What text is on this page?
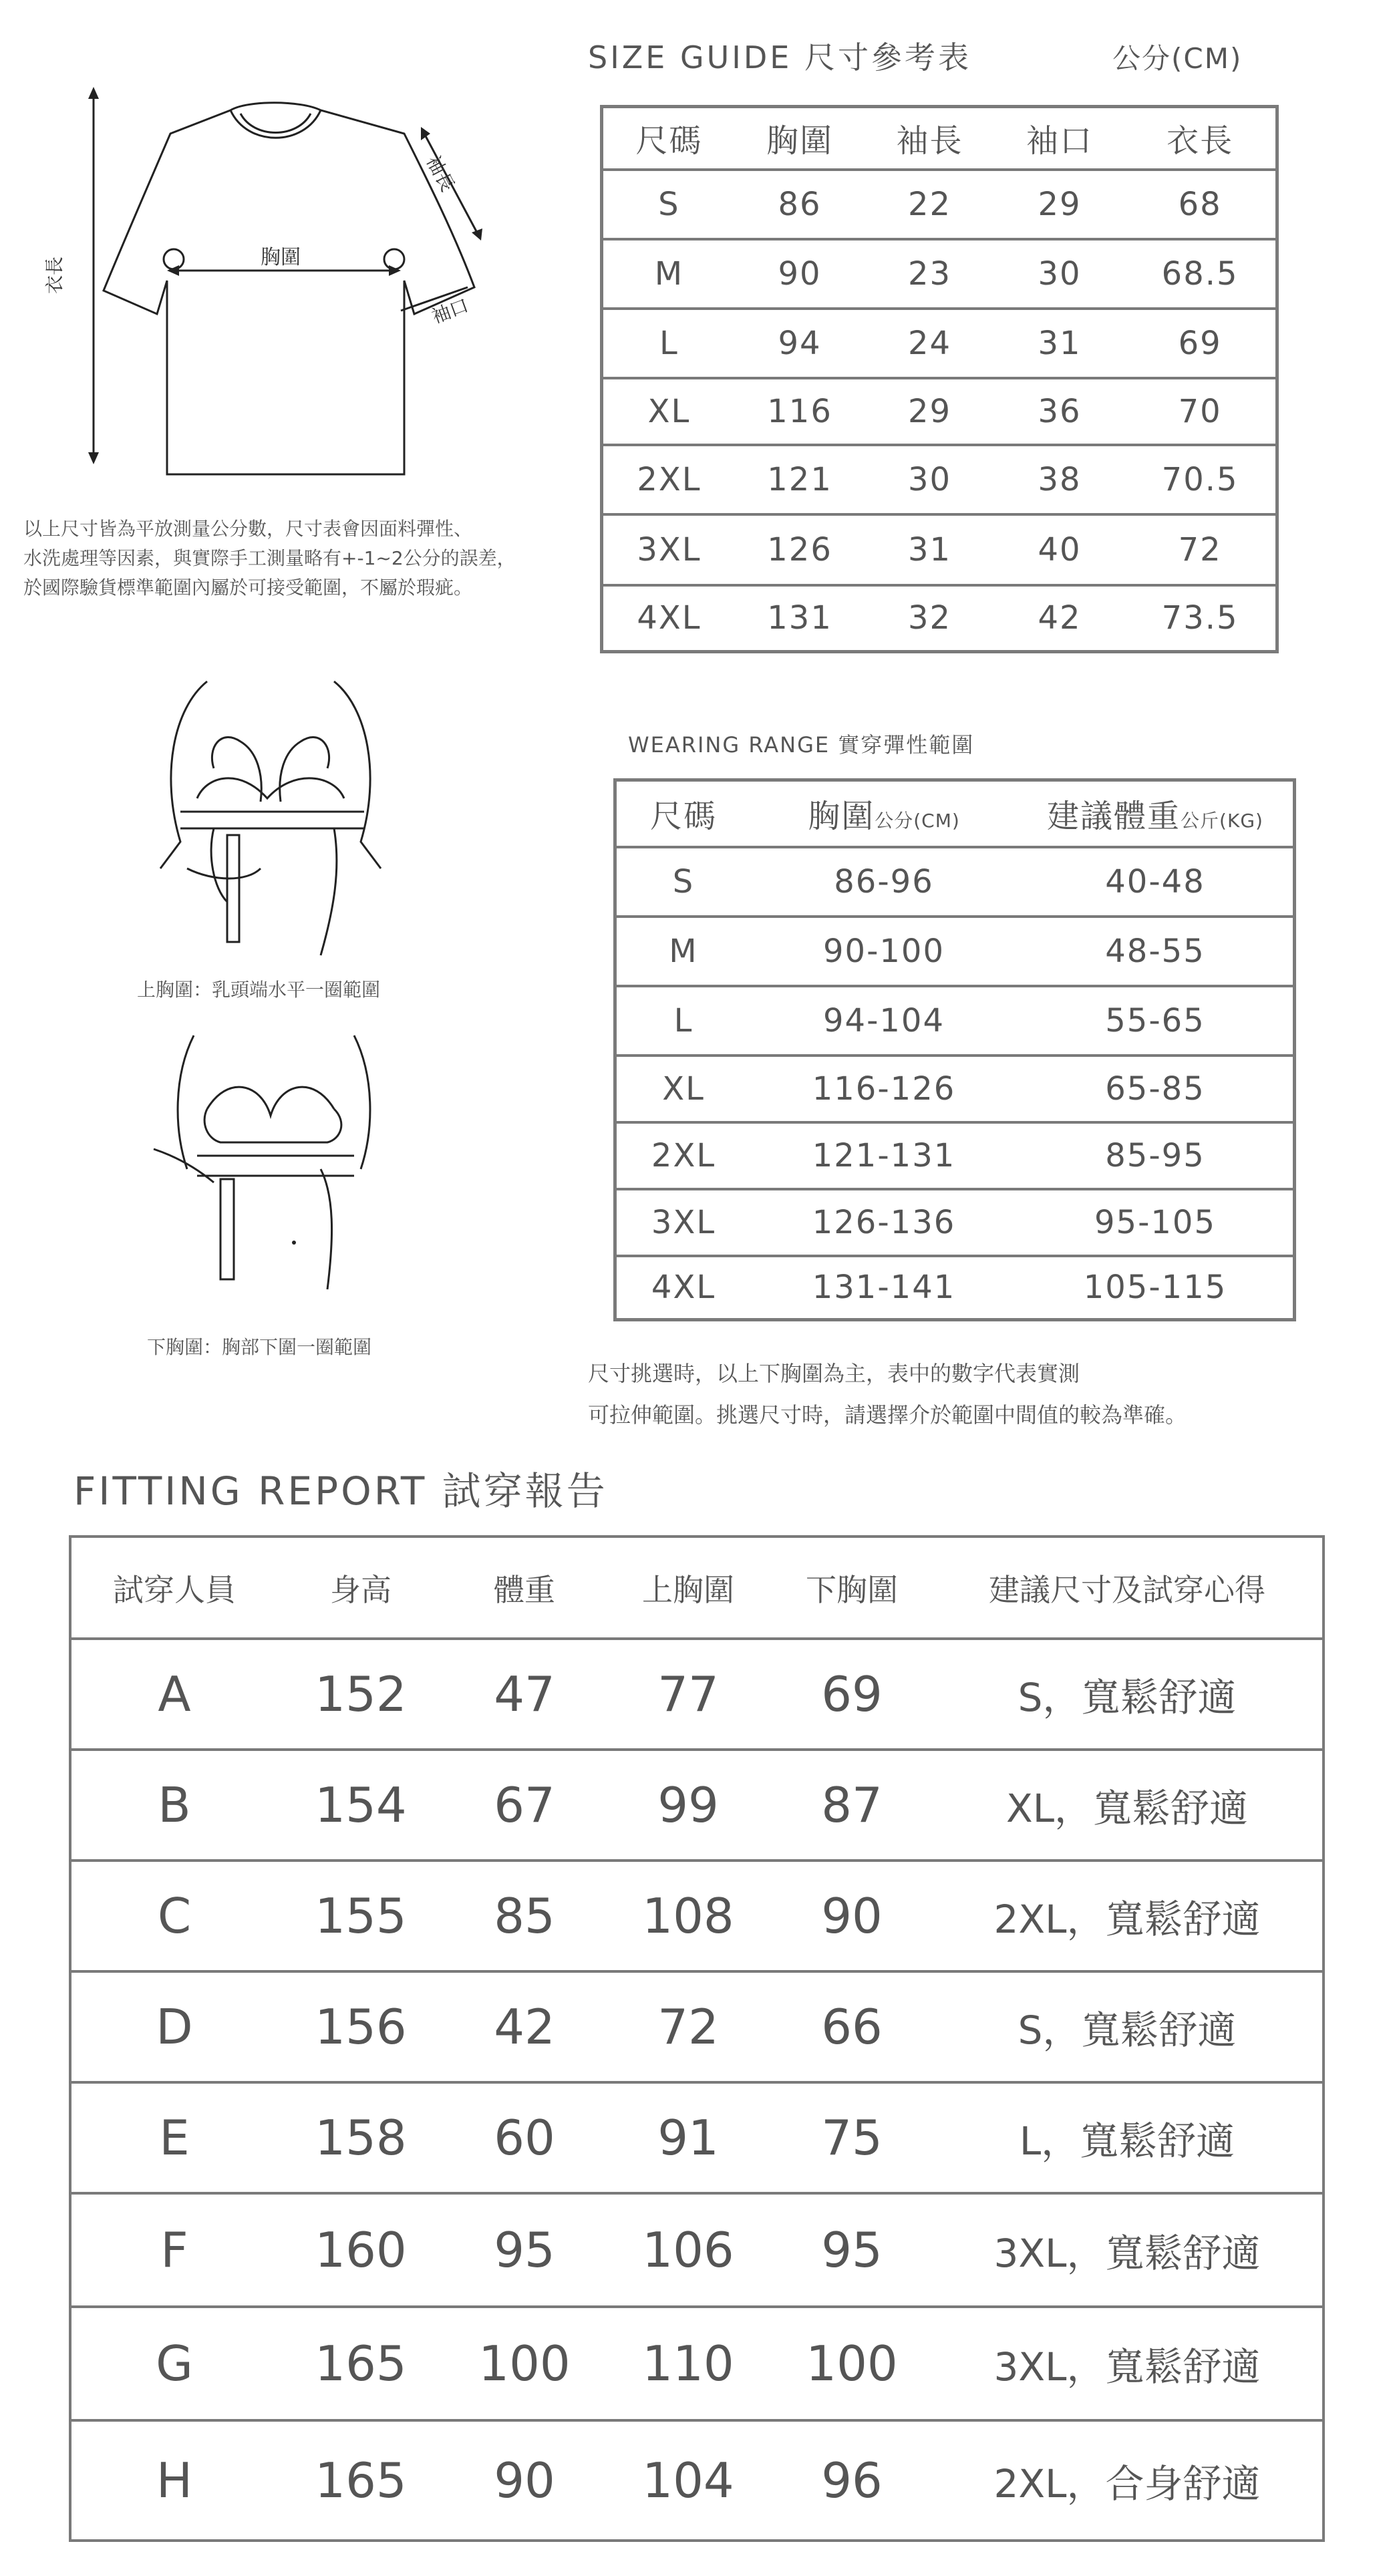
SIZE GUIDE 尺寸參考表	公分(CM)
衣長	胸圍
袖長
袖口
尺碼	胸圍	袖長	袖口	衣長
S	86	22	29	68
M	90	23	30	68.5
L	94	24	31	69
XL	116	29	36	70
2XL	121	30	38	70.5
3XL	126	31	40	72
4XL	131	32	42	73.5
以上尺寸皆為平放測量公分數，尺寸表會因面料彈性、
水洗處理等因素，與實際手工測量略有+-1~2公分的誤差，
於國際驗貨標準範圍內屬於可接受範圍，不屬於瑕疵。
上胸圍：乳頭端水平一圈範圍
下胸圍：胸部下圍一圈範圍
WEARING RANGE 實穿彈性範圍
尺碼	胸圍公分(CM)	建議體重公斤(KG)
S	86-96	40-48
M	90-100	48-55
L	94-104	55-65
XL	116-126	65-85
2XL	121-131	85-95
3XL	126-136	95-105
4XL	131-141	105-115
尺寸挑選時，以上下胸圍為主，表中的數字代表實測
可拉伸範圍。挑選尺寸時，請選擇介於範圍中間值的較為準確。
FITTING REPORT 試穿報告
試穿人員	身高	體重	上胸圍	下胸圍	建議尺寸及試穿心得
A	152	47	77	69	S，寬鬆舒適
B	154	67	99	87	XL，寬鬆舒適
C	155	85	108	90	2XL，寬鬆舒適
D	156	42	72	66	S，寬鬆舒適
E	158	60	91	75	L，寬鬆舒適
F	160	95	106	95	3XL，寬鬆舒適
G	165	100	110	100	3XL，寬鬆舒適
H	165	90	104	96	2XL，合身舒適
